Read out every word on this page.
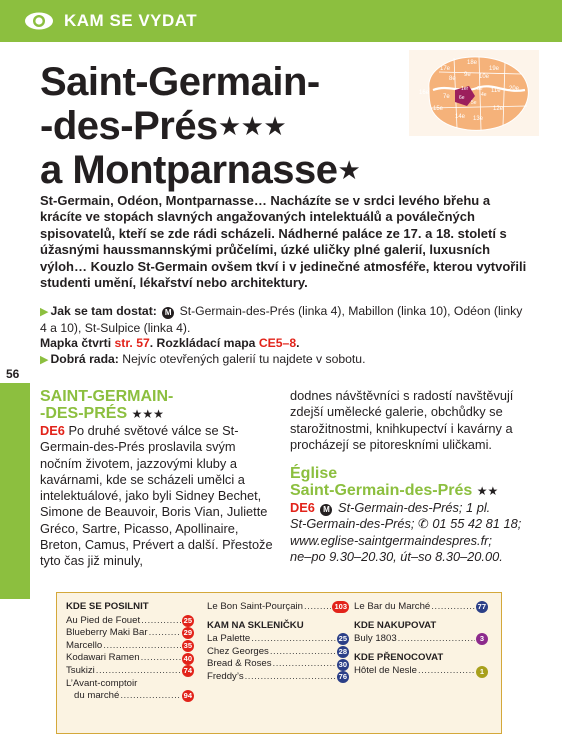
KAM SE VYDAT
Saint-Germain-
-des-Prés★★★
a Montparnasse★
17e
18e
19e
8e
9e 10e
16e
1er 3e 11e 20e
7e 6e
12e
15e
14e 13e
5e
4e

St-Germain, Odéon, Montparnasse… Nacházíte se v srdci levého břehu a krácíte ve stopách slavných angažovaných intelektuálů a poválečných spisovatelů, kteří se zde rádi scházeli. Nádherné paláce ze 17. a 18. století s úžasnými haussmannskými průčelími, úzké uličky plné galerií, luxusních výloh… Kouzlo St-Germain ovšem tkví i v jedinečné atmosféře, kterou vytvořili studenti umění, lékařství nebo architektury.

▶ Jak se tam dostat: M St-Germain-des-Prés (linka 4), Mabillon (linka 10), Odéon (linky 4 a 10), St-Sulpice (linka 4).

Mapka čtvrti str. 57. Rozkládací mapa CE5–8.

▶ Dobrá rada: Nejvíc otevřených galerií tu najdete v sobotu.

56
SAINT-GERMAIN-
-DES-PRÉS ★★★

DE6 Po druhé světové válce se St-Germain-des-Prés proslavila svým nočním životem, jazzovými kluby a kavárnami, kde se scházeli umělci a intelektuálové, jako byli Sidney Bechet, Simone de Beauvoir, Boris Vian, Juliette Gréco, Sartre, Picasso, Apollinaire, Breton, Camus, Prévert a další. Přestože tyto čas již minuly,

dodnes návštěvníci s radostí navštěvují zdejší umělecké galerie, obchůdky se starožitnostmi, knihkupectví i kavárny a procházejí se pitoreskními uličkami.

Église
Saint-Germain-des-Prés ★★

DE6 M St-Germain-des-Prés; 1 pl.
St-Germain-des-Prés; ✆ 01 55 42 81 18;
www.eglise-saintgermaindespres.fr;
ne–po 9.30–20.30, út–so 8.30–20.00.

KDE SE POSILNIT
Au Pied de Fouet .....	25
Blueberry Maki Bar .....	29
Marcello .....	35
Kodawari Ramen .....	40
Tsukizi .....	74
L’Avant-comptoir
du marché .....	94
Le Bon Saint-Pourçain .....	103
KAM NA SKLENIČKU
La Palette .....	25
Chez Georges .....	28
Bread & Roses .....	30
Freddy’s .....	76
Le Bar du Marché .....	77
KDE NAKUPOVAT
Buly 1803 .....	3
KDE PŘENOCOVAT
Hôtel de Nesle .....	1
